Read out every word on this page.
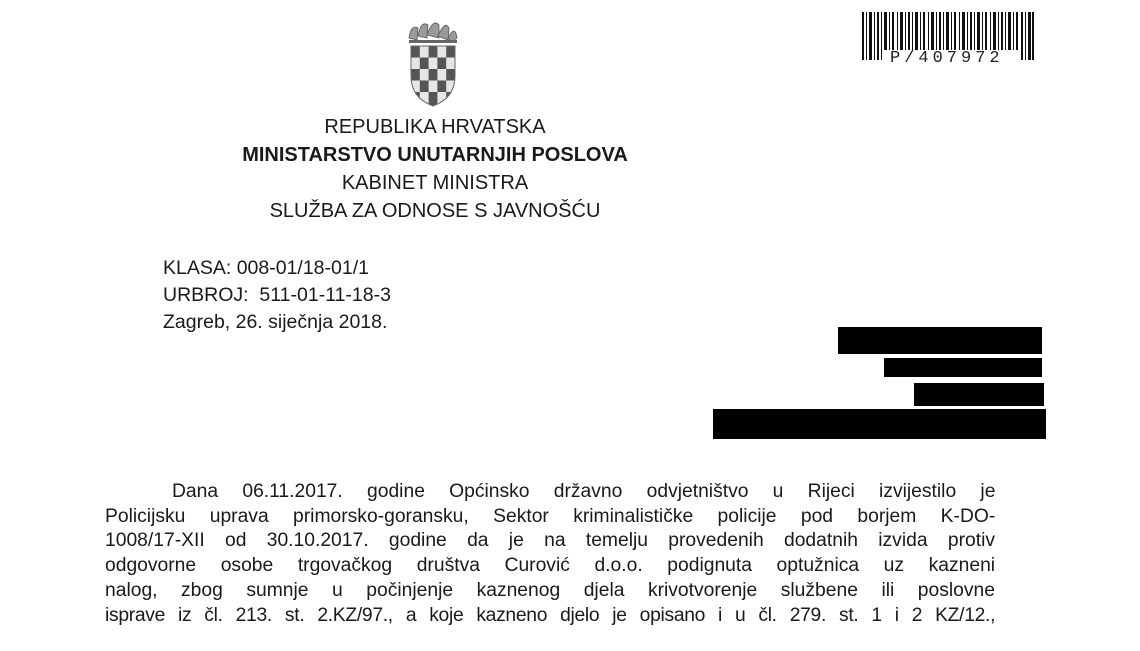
P/407972
REPUBLIKA HRVATSKA
MINISTARSTVO UNUTARNJIH POSLOVA
KABINET MINISTRA
SLUŽBA ZA ODNOSE S JAVNOŠĆU
KLASA: 008-01/18-01/1
URBROJ:  511-01-11-18-3
Zagreb, 26. siječnja 2018.
Dana 06.11.2017. godine Općinsko državno odvjetništvo u Rijeci izvijestilo je
Policijsku uprava primorsko-goransku, Sektor kriminalističke policije pod borjem K-DO-
1008/17-XII od 30.10.2017. godine da je na temelju provedenih dodatnih izvida protiv
odgovorne osobe trgovačkog društva Curović d.o.o. podignuta optužnica uz kazneni
nalog, zbog sumnje u počinjenje kaznenog djela krivotvorenje službene ili poslovne
isprave iz čl. 213. st. 2.KZ/97., a koje kazneno djelo je opisano i u čl. 279. st. 1 i 2 KZ/12.,
